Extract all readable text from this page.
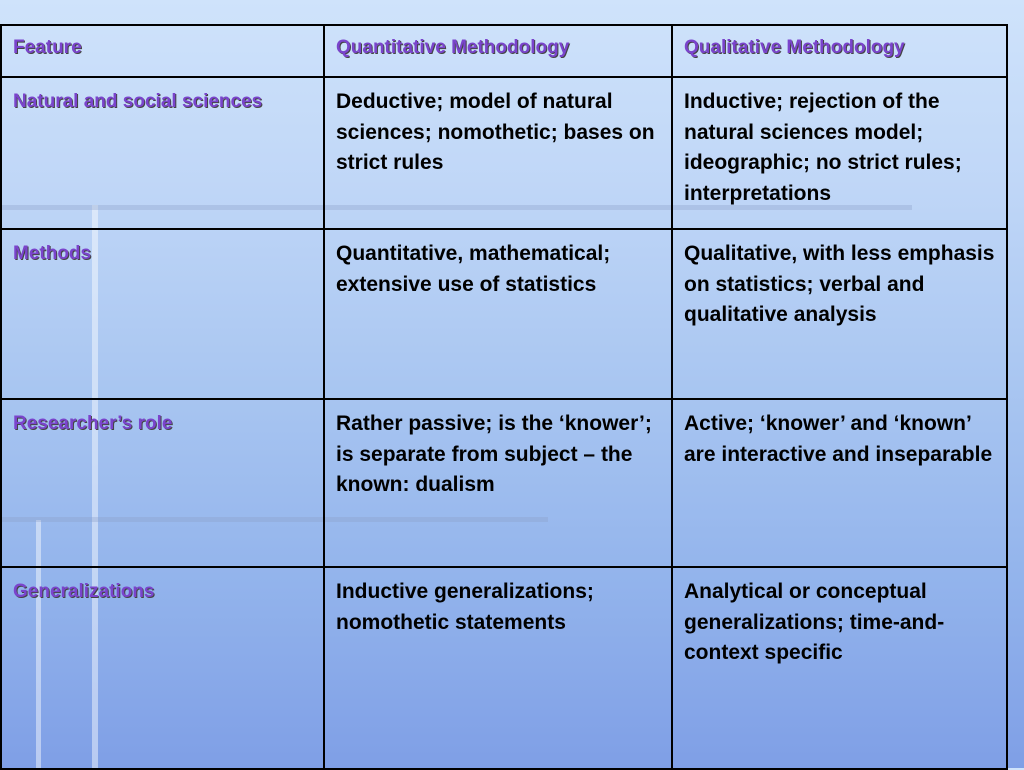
Feature	Quantitative Methodology	Qualitative Methodology
Natural and social sciences	Deductive; model of natural sciences; nomothetic; bases on strict rules	Inductive; rejection of the natural sciences model; ideographic; no strict rules; interpretations
Methods	Quantitative, mathematical; extensive use of statistics	Qualitative, with less emphasis on statistics; verbal and qualitative analysis
Researcher’s role	Rather passive; is the ‘knower’; is separate from subject – the known: dualism	Active; ‘knower’ and ‘known’ are interactive and inseparable
Generalizations	Inductive generalizations; nomothetic statements	Analytical or conceptual generalizations; time-and-context specific
